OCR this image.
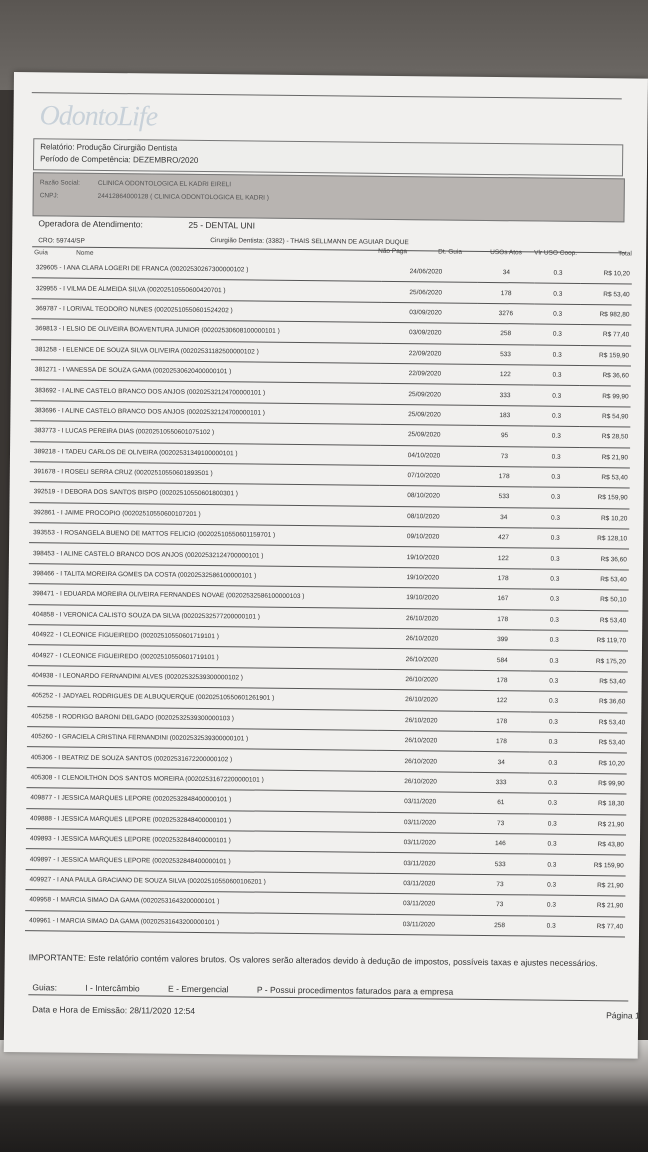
OdontoLife
Relatório: Produção Cirurgião Dentista
Período de Competência: DEZEMBRO/2020
Razão Social:	CLINICA ODONTOLOGICA EL KADRI EIRELI
CNPJ:	24412864000128 ( CLINICA ODONTOLOGICA EL KADRI )
Operadora de Atendimento:	25 - DENTAL UNI
CRO: 59744/SP	Cirurgião Dentista: (3382) - THAIS SELLMANN DE AGUIAR DUQUE
Guia	Nome	Não Paga	Dt. Guia	USOs Atos Vlr USO Coop.	Total
329605 - I ANA CLARA LOGERI DE FRANCA (00202530267300000102 )	24/06/2020	34	0.3	R$ 10,20
329955 - I VILMA DE ALMEIDA SILVA (00202510550600420701 )	25/06/2020	178	0.3	R$ 53,40
369787 - I LORIVAL TEODORO NUNES (00202510550601524202 )	03/09/2020	3276	0.3	R$ 982,80
369813 - I ELSIO DE OLIVEIRA BOAVENTURA JUNIOR (00202530608100000101 )	03/09/2020	258	0.3	R$ 77,40
381258 - I ELENICE DE SOUZA SILVA OLIVEIRA (00202531182500000102 )	22/09/2020	533	0.3	R$ 159,90
381271 - I VANESSA DE SOUZA GAMA (00202530620400000101 )	22/09/2020	122	0.3	R$ 36,60
383692 - I ALINE CASTELO BRANCO DOS ANJOS (00202532124700000101 )	25/09/2020	333	0.3	R$ 99,90
383696 - I ALINE CASTELO BRANCO DOS ANJOS (00202532124700000101 )	25/09/2020	183	0.3	R$ 54,90
383773 - I LUCAS PEREIRA DIAS (00202510550601075102 )	25/09/2020	95	0.3	R$ 28,50
389218 - I TADEU CARLOS DE OLIVEIRA (00202531349100000101 )	04/10/2020	73	0.3	R$ 21,90
391678 - I ROSELI SERRA CRUZ (00202510550601893501 )	07/10/2020	178	0.3	R$ 53,40
392519 - I DEBORA DOS SANTOS BISPO (00202510550601800301 )	08/10/2020	533	0.3	R$ 159,90
392861 - I JAIME PROCOPIO (00202510550600107201 )	08/10/2020	34	0.3	R$ 10,20
393553 - I ROSANGELA BUENO DE MATTOS FELICIO (00202510550601159701 )	09/10/2020	427	0.3	R$ 128,10
398453 - I ALINE CASTELO BRANCO DOS ANJOS (00202532124700000101 )	19/10/2020	122	0.3	R$ 36,60
398466 - I TALITA MOREIRA GOMES DA COSTA (00202532586100000101 )	19/10/2020	178	0.3	R$ 53,40
398471 - I EDUARDA MOREIRA OLIVEIRA FERNANDES NOVAE (00202532586100000103 )	19/10/2020	167	0.3	R$ 50,10
404858 - I VERONICA CALISTO SOUZA DA SILVA (00202532577200000101 )	26/10/2020	178	0.3	R$ 53,40
404922 - I CLEONICE FIGUEIREDO (00202510550601719101 )	26/10/2020	399	0.3	R$ 119,70
404927 - I CLEONICE FIGUEIREDO (00202510550601719101 )	26/10/2020	584	0.3	R$ 175,20
404938 - I LEONARDO FERNANDINI ALVES (00202532539300000102 )	26/10/2020	178	0.3	R$ 53,40
405252 - I JADYAEL RODRIGUES DE ALBUQUERQUE (00202510550601261901 )	26/10/2020	122	0.3	R$ 36,60
405258 - I RODRIGO BARONI DELGADO (00202532539300000103 )	26/10/2020	178	0.3	R$ 53,40
405260 - I GRACIELA CRISTINA FERNANDINI (00202532539300000101 )	26/10/2020	178	0.3	R$ 53,40
405306 - I BEATRIZ DE SOUZA SANTOS (00202531672200000102 )	26/10/2020	34	0.3	R$ 10,20
405308 - I CLENOILTHON DOS SANTOS MOREIRA (00202531672200000101 )	26/10/2020	333	0.3	R$ 99,90
409877 - I JESSICA MARQUES LEPORE (00202532848400000101 )	03/11/2020	61	0.3	R$ 18,30
409888 - I JESSICA MARQUES LEPORE (00202532848400000101 )	03/11/2020	73	0.3	R$ 21,90
409893 - I JESSICA MARQUES LEPORE (00202532848400000101 )	03/11/2020	146	0.3	R$ 43,80
409897 - I JESSICA MARQUES LEPORE (00202532848400000101 )	03/11/2020	533	0.3	R$ 159,90
409927 - I ANA PAULA GRACIANO DE SOUZA SILVA (00202510550600106201 )	03/11/2020	73	0.3	R$ 21,90
409958 - I MARCIA SIMAO DA GAMA (00202531643200000101 )	03/11/2020	73	0.3	R$ 21,90
409961 - I MARCIA SIMAO DA GAMA (00202531643200000101 )	03/11/2020	258	0.3	R$ 77,40
IMPORTANTE: Este relatório contém valores brutos. Os valores serão alterados devido à dedução de impostos, possíveis taxas e ajustes necessários.
Guias:	I - Intercâmbio	E - Emergencial	P - Possui procedimentos faturados para a empresa
Data e Hora de Emissão: 28/11/2020 12:54	Página 1
